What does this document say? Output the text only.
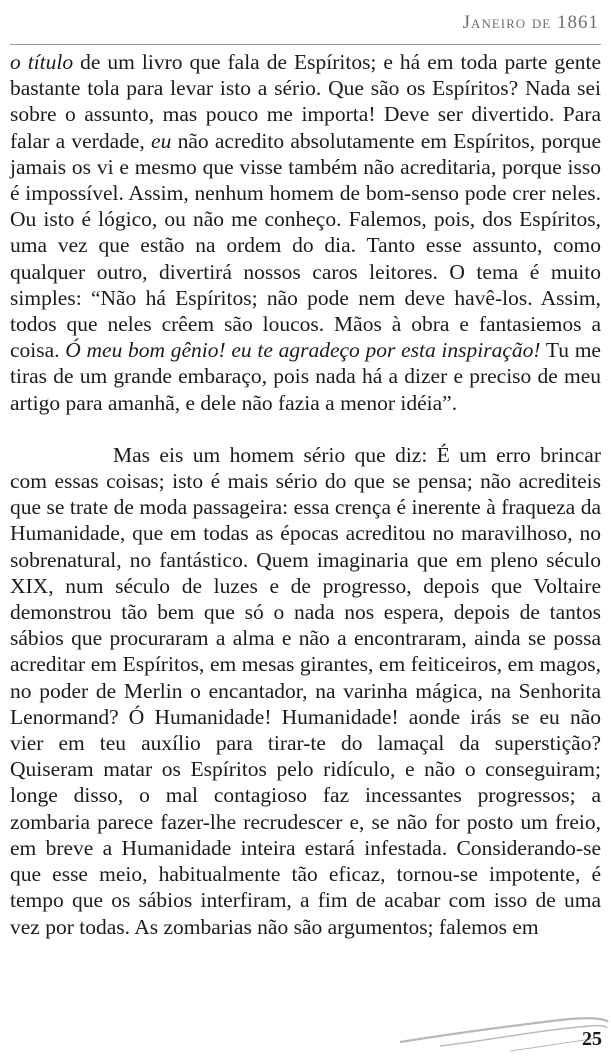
Janeiro de 1861

o título de um livro que fala de Espíritos; e há em toda parte gente bastante tola para levar isto a sério. Que são os Espíritos? Nada sei sobre o assunto, mas pouco me importa! Deve ser divertido. Para falar a verdade, eu não acredito absolutamente em Espíritos, porque jamais os vi e mesmo que visse também não acreditaria, porque isso é impossível. Assim, nenhum homem de bom-senso pode crer neles. Ou isto é lógico, ou não me conheço. Falemos, pois, dos Espíritos, uma vez que estão na ordem do dia. Tanto esse assunto, como qualquer outro, divertirá nossos caros leitores. O tema é muito simples: “Não há Espíritos; não pode nem deve havê-los. Assim, todos que neles crêem são loucos. Mãos à obra e fantasiemos a coisa. Ó meu bom gênio! eu te agradeço por esta inspiração! Tu me tiras de um grande embaraço, pois nada há a dizer e preciso de meu artigo para amanhã, e dele não fazia a menor idéia”.

Mas eis um homem sério que diz: É um erro brincar com essas coisas; isto é mais sério do que se pensa; não acrediteis que se trate de moda passageira: essa crença é inerente à fraqueza da Humanidade, que em todas as épocas acreditou no maravilhoso, no sobrenatural, no fantástico. Quem imaginaria que em pleno século XIX, num século de luzes e de progresso, depois que Voltaire demonstrou tão bem que só o nada nos espera, depois de tantos sábios que procuraram a alma e não a encontraram, ainda se possa acreditar em Espíritos, em mesas girantes, em feiticeiros, em magos, no poder de Merlin o encantador, na varinha mágica, na Senhorita Lenormand? Ó Humanidade! Humanidade! aonde irás se eu não vier em teu auxílio para tirar-te do lamaçal da superstição? Quiseram matar os Espíritos pelo ridículo, e não o conseguiram; longe disso, o mal contagioso faz incessantes progressos; a zombaria parece fazer-lhe recrudescer e, se não for posto um freio, em breve a Humanidade inteira estará infestada. Considerando-se que esse meio, habitualmente tão eficaz, tornou-se impotente, é tempo que os sábios interfiram, a fim de acabar com isso de uma vez por todas. As zombarias não são argumentos; falemos em

25
